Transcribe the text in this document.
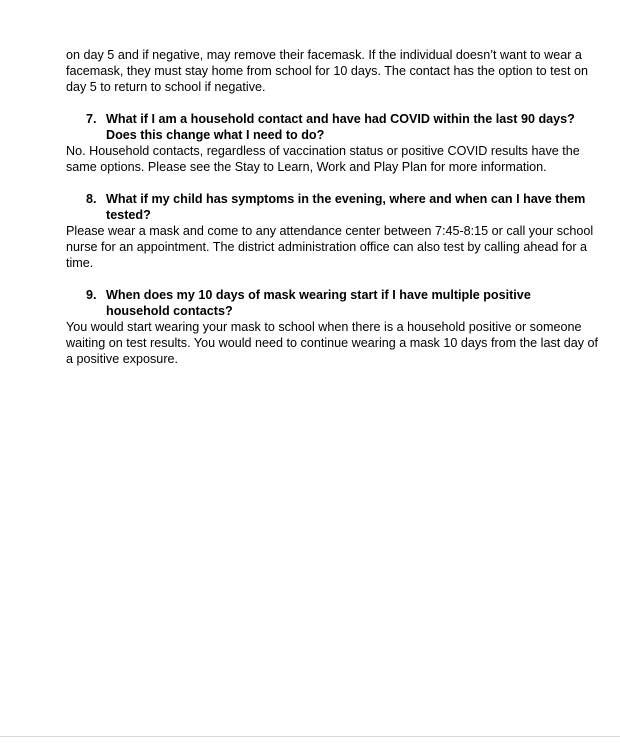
on day 5 and if negative, may remove their facemask. If the individual doesn’t want to wear a
facemask, they must stay home from school for 10 days. The contact has the option to test on
day 5 to return to school if negative.
7. What if I am a household contact and have had COVID within the last 90 days?
Does this change what I need to do?
No. Household contacts, regardless of vaccination status or positive COVID results have the
same options. Please see the Stay to Learn, Work and Play Plan for more information.
8. What if my child has symptoms in the evening, where and when can I have them
tested?
Please wear a mask and come to any attendance center between 7:45-8:15 or call your school
nurse for an appointment. The district administration office can also test by calling ahead for a
time.
9. When does my 10 days of mask wearing start if I have multiple positive
household contacts?
You would start wearing your mask to school when there is a household positive or someone
waiting on test results. You would need to continue wearing a mask 10 days from the last day of
a positive exposure.
